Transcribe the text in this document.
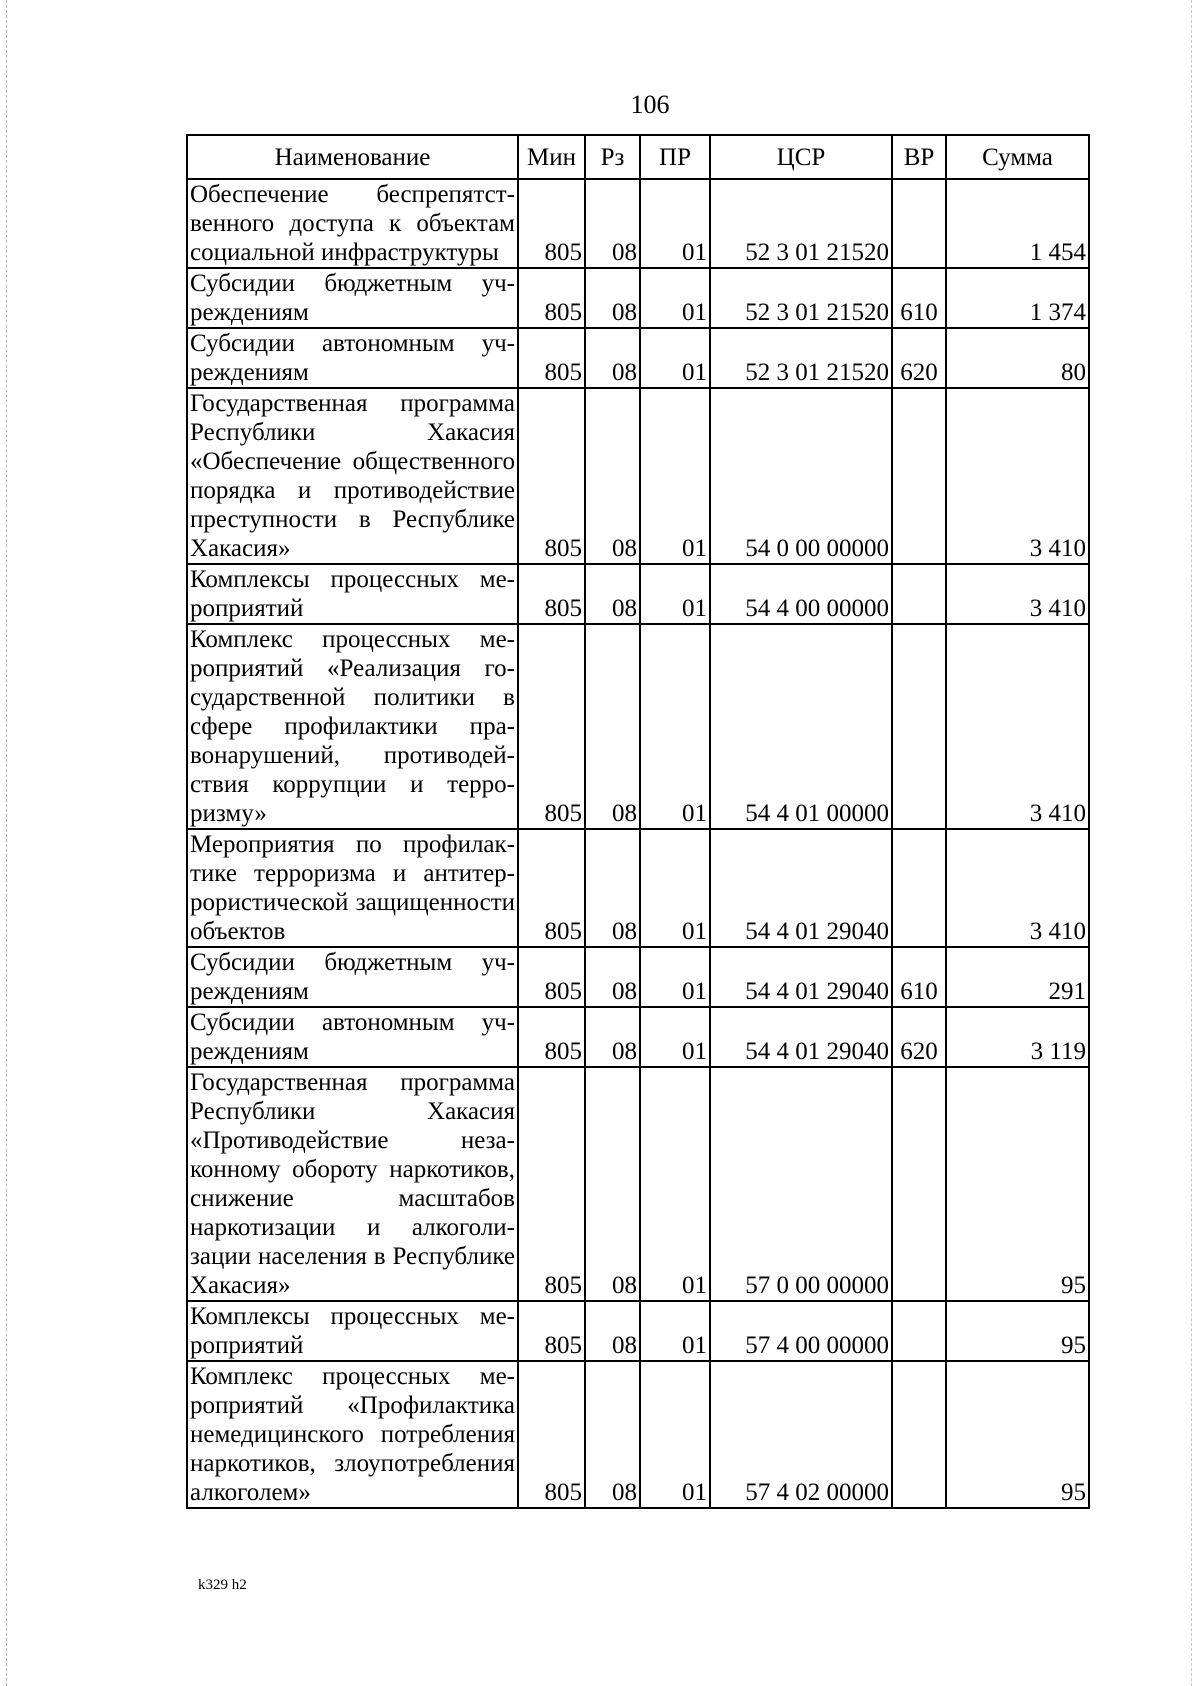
106
Наименование	Мин	Рз	ПР	ЦСР	ВР	Сумма
Обеспечение беспрепятственного доступа к объектам социальной инфраструктуры	805	08	01	52 3 01 21520		1 454
Субсидии бюджетным учреждениям	805	08	01	52 3 01 21520	610	1 374
Субсидии автономным учреждениям	805	08	01	52 3 01 21520	620	80
Государственная программа Республики Хакасия «Обеспечение общественного порядка и противодействие преступности в Республике Хакасия»	805	08	01	54 0 00 00000		3 410
Комплексы процессных мероприятий	805	08	01	54 4 00 00000		3 410
Комплекс процессных мероприятий «Реализация государственной политики в сфере профилактики правонарушений, противодействия коррупции и терроризму»	805	08	01	54 4 01 00000		3 410
Мероприятия по профилактике терроризма и антитеррористической защищенности объектов	805	08	01	54 4 01 29040		3 410
Субсидии бюджетным учреждениям	805	08	01	54 4 01 29040	610	291
Субсидии автономным учреждениям	805	08	01	54 4 01 29040	620	3 119
Государственная программа Республики Хакасия «Противодействие незаконному обороту наркотиков, снижение масштабов наркотизации и алкоголизации населения в Республике Хакасия»	805	08	01	57 0 00 00000		95
Комплексы процессных мероприятий	805	08	01	57 4 00 00000		95
Комплекс процессных мероприятий «Профилактика немедицинского потребления наркотиков, злоупотребления алкоголем»	805	08	01	57 4 02 00000		95
k329 h2
